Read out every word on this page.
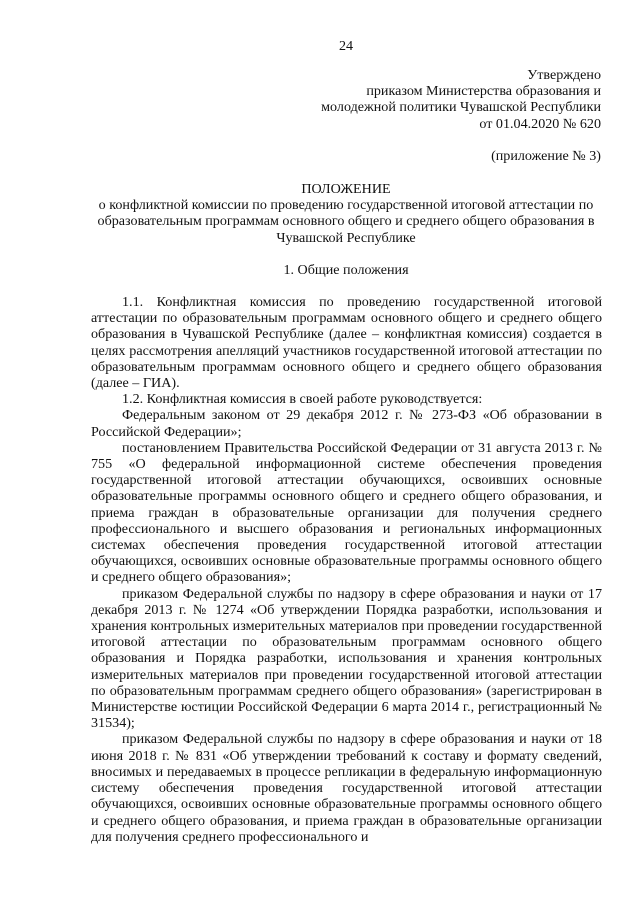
24
Утверждено
приказом Министерства образования и
молодежной политики Чувашской Республики
от 01.04.2020 № 620
(приложение № 3)
ПОЛОЖЕНИЕ
о конфликтной комиссии по проведению государственной итоговой аттестации по
образовательным программам основного общего и среднего общего образования в
Чувашской Республике
1. Общие положения

1.1. Конфликтная комиссия по проведению государственной итоговой аттестации по образовательным программам основного общего и среднего общего образования в Чувашской Республике (далее – конфликтная комиссия) создается в целях рассмотрения апелляций участников государственной итоговой аттестации по образовательным программам основного общего и среднего общего образования (далее – ГИА).

1.2. Конфликтная комиссия в своей работе руководствуется:

Федеральным законом от 29 декабря 2012 г. № 273-ФЗ «Об образовании в Российской Федерации»;

постановлением Правительства Российской Федерации от 31 августа 2013 г. № 755 «О федеральной информационной системе обеспечения проведения государственной итоговой аттестации обучающихся, освоивших основные образовательные программы основного общего и среднего общего образования, и приема граждан в образовательные организации для получения среднего профессионального и высшего образования и региональных информационных системах обеспечения проведения государственной итоговой аттестации обучающихся, освоивших основные образовательные программы основного общего и среднего общего образования»;

приказом Федеральной службы по надзору в сфере образования и науки от 17 декабря 2013 г. № 1274 «Об утверждении Порядка разработки, использования и хранения контрольных измерительных материалов при проведении государственной итоговой аттестации по образовательным программам основного общего образования и Порядка разработки, использования и хранения контрольных измерительных материалов при проведении государственной итоговой аттестации по образовательным программам среднего общего образования» (зарегистрирован в Министерстве юстиции Российской Федерации 6 марта 2014 г., регистрационный № 31534);

приказом Федеральной службы по надзору в сфере образования и науки от 18 июня 2018 г. № 831 «Об утверждении требований к составу и формату сведений, вносимых и передаваемых в процессе репликации в федеральную информационную систему обеспечения проведения государственной итоговой аттестации обучающихся, освоивших основные образовательные программы основного общего и среднего общего образования, и приема граждан в образовательные организации для получения среднего профессионального и
